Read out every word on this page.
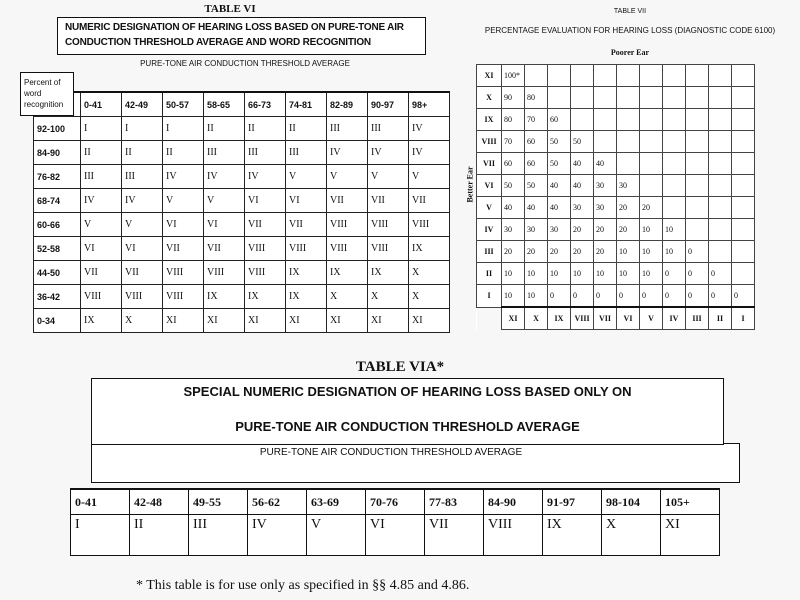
TABLE VI
NUMERIC DESIGNATION OF HEARING LOSS BASED ON PURE-TONE AIR CONDUCTION THRESHOLD AVERAGE AND WORD RECOGNITION
PURE-TONE AIR CONDUCTION THRESHOLD AVERAGE
	0-41	42-49	50-57	58-65	66-73	74-81	82-89	90-97	98+
92-100	I	I	I	II	II	II	III	III	IV
84-90	II	II	II	III	III	III	IV	IV	IV
76-82	III	III	IV	IV	IV	V	V	V	V
68-74	IV	IV	V	V	VI	VI	VII	VII	VII
60-66	V	V	VI	VI	VII	VII	VIII	VIII	VIII
52-58	VI	VI	VII	VII	VIII	VIII	VIII	VIII	IX
44-50	VII	VII	VIII	VIII	VIII	IX	IX	IX	X
36-42	VIII	VIII	VIII	IX	IX	IX	X	X	X
0-34	IX	X	XI	XI	XI	XI	XI	XI	XI
Percent of word recognition
TABLE VII
PERCENTAGE EVALUATION FOR HEARING LOSS (DIAGNOSTIC CODE 6100)
Poorer Ear
Better Ear
XI	100*										
X	90	80									
IX	80	70	60								
VIII	70	60	50	50							
VII	60	60	50	40	40						
VI	50	50	40	40	30	30					
V	40	40	40	30	30	20	20				
IV	30	30	30	20	20	20	10	10			
III	20	20	20	20	20	10	10	10	0		
II	10	10	10	10	10	10	10	0	0	0	
I	10	10	0	0	0	0	0	0	0	0	0
	XI	X	IX	VIII	VII	VI	V	IV	III	II	I
TABLE VIA*
SPECIAL NUMERIC DESIGNATION OF HEARING LOSS BASED ONLY ON
PURE-TONE AIR CONDUCTION THRESHOLD AVERAGE
PURE-TONE AIR CONDUCTION THRESHOLD AVERAGE
0-41	42-48	49-55	56-62	63-69	70-76	77-83	84-90	91-97	98-104	105+
I	II	III	IV	V	VI	VII	VIII	IX	X	XI
* This table is for use only as specified in §§ 4.85 and 4.86.
